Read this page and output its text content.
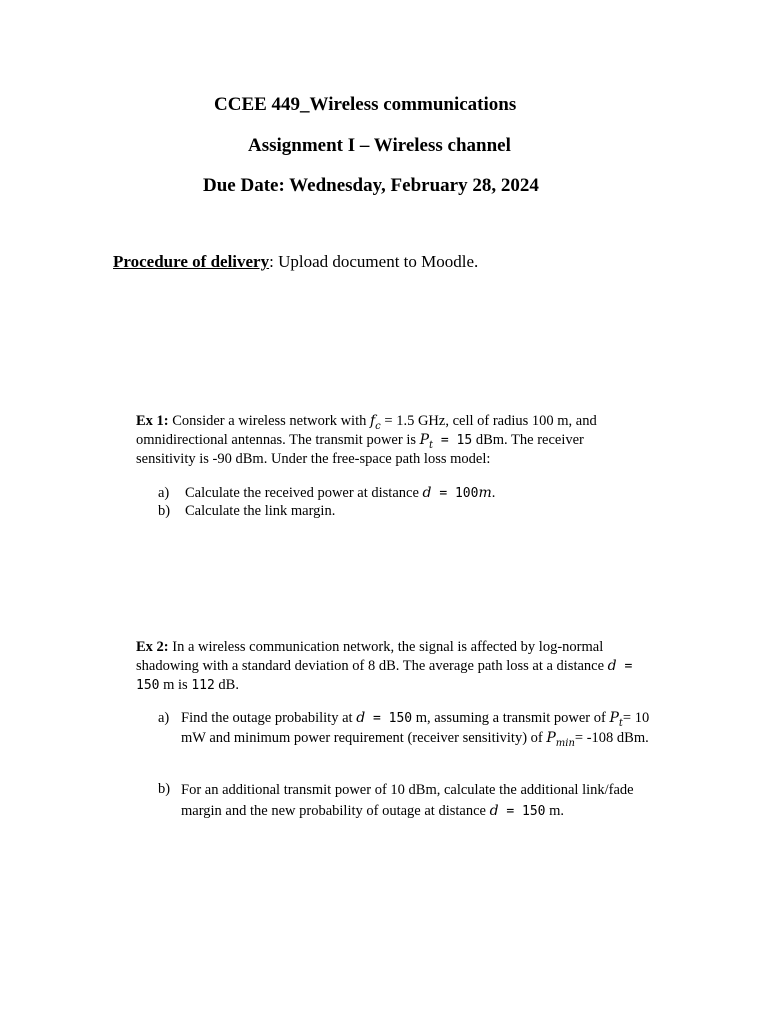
CCEE 449_Wireless communications
Assignment I – Wireless channel
Due Date: Wednesday, February 28, 2024
Procedure of delivery: Upload document to Moodle.
Ex 1: Consider a wireless network with $f_c = 1.5$ GHz, cell of radius 100 m, and omnidirectional antennas. The transmit power is $P_t = 15$ dBm. The receiver sensitivity is -90 dBm. Under the free-space path loss model:
a) Calculate the received power at distance d = 100m.
b) Calculate the link margin.
Ex 2: In a wireless communication network, the signal is affected by log-normal shadowing with a standard deviation of 8 dB. The average path loss at a distance d =
150 m is 112 dB.
a) Find the outage probability at d = 150 m, assuming a transmit power of $P_t= 10$ mW and minimum power requirement (receiver sensitivity) of $P_{min}= -108$ dBm.
b) For an additional transmit power of 10 dBm, calculate the additional link/fade margin and the new probability of outage at distance d = 150 m.
